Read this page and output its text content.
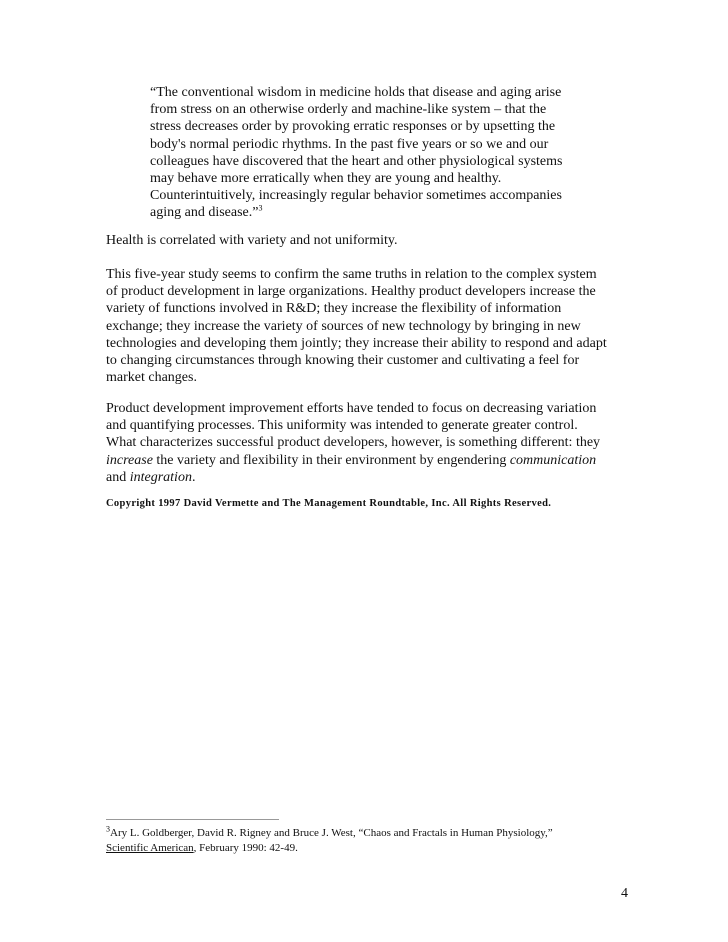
“The conventional wisdom in medicine holds that disease and aging arise
from stress on an otherwise orderly and machine-like system – that the
stress decreases order by provoking erratic responses or by upsetting the
body's normal periodic rhythms. In the past five years or so we and our
colleagues have discovered that the heart and other physiological systems
may behave more erratically when they are young and healthy.
Counterintuitively, increasingly regular behavior sometimes accompanies
aging and disease.”$^3$
Health is correlated with variety and not uniformity.
This five-year study seems to confirm the same truths in relation to the complex system
of product development in large organizations. Healthy product developers increase the
variety of functions involved in R&D; they increase the flexibility of information
exchange; they increase the variety of sources of new technology by bringing in new
technologies and developing them jointly; they increase their ability to respond and adapt
to changing circumstances through knowing their customer and cultivating a feel for
market changes.
Product development improvement efforts have tended to focus on decreasing variation
and quantifying processes. This uniformity was intended to generate greater control.
What characterizes successful product developers, however, is something different: they
increase the variety and flexibility in their environment by engendering communication
and integration.
Copyright 1997 David Vermette and The Management Roundtable, Inc. All Rights Reserved.
$^3$Ary L. Goldberger, David R. Rigney and Bruce J. West, “Chaos and Fractals in Human Physiology,”
Scientific American, February 1990: 42-49.
4
